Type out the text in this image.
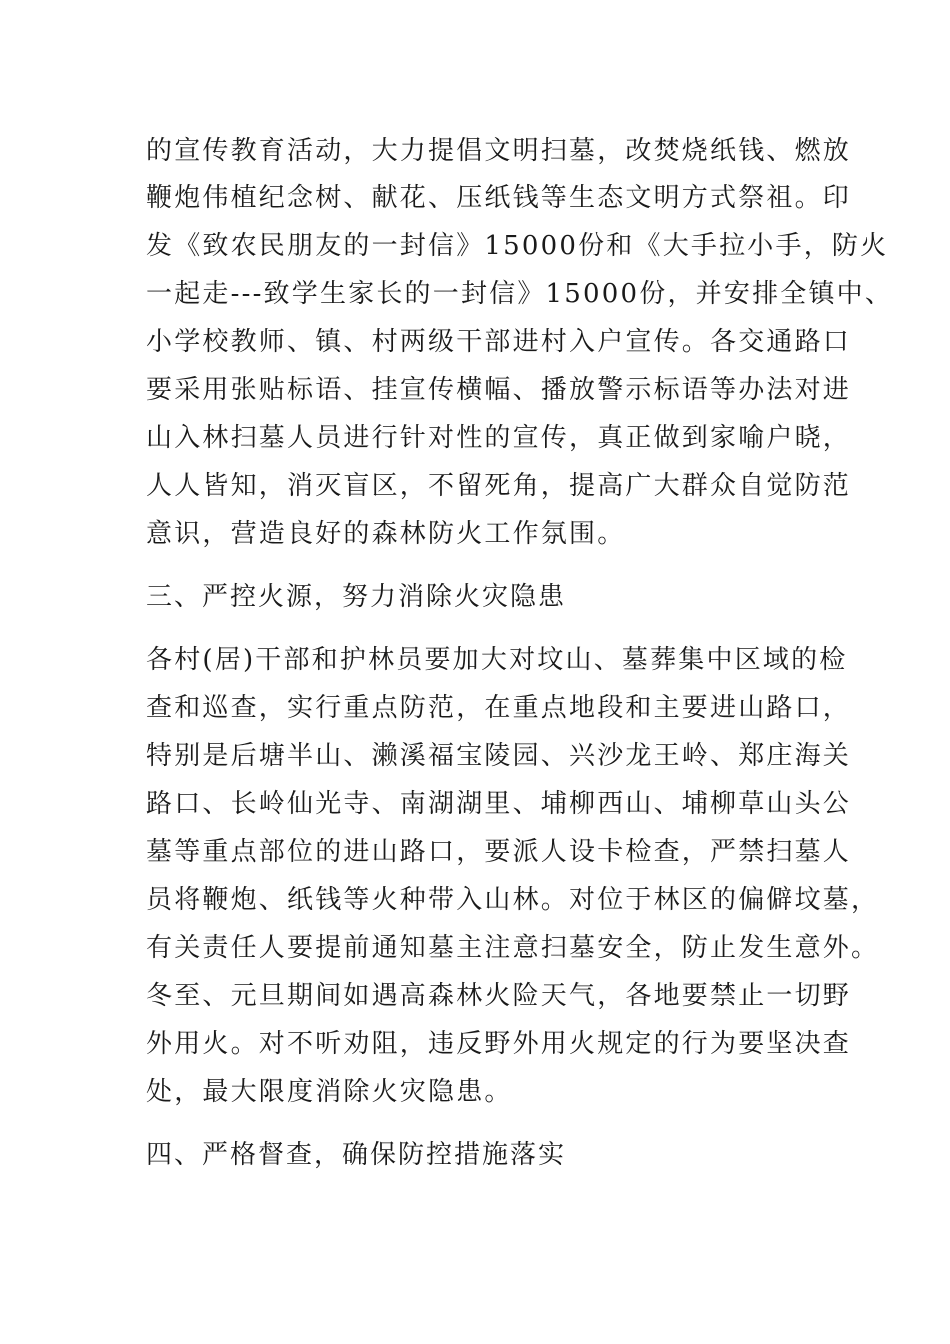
的宣传教育活动，大力提倡文明扫墓，改焚烧纸钱、燃放
鞭炮伟植纪念树、献花、压纸钱等生态文明方式祭祖。印
发《致农民朋友的一封信》15000份和《大手拉小手，防火
一起走---致学生家长的一封信》15000份，并安排全镇中、
小学校教师、镇、村两级干部进村入户宣传。各交通路口
要采用张贴标语、挂宣传横幅、播放警示标语等办法对进
山入林扫墓人员进行针对性的宣传，真正做到家喻户晓，
人人皆知，消灭盲区，不留死角，提高广大群众自觉防范
意识，营造良好的森林防火工作氛围。
三、严控火源，努力消除火灾隐患
各村(居)干部和护林员要加大对坟山、墓葬集中区域的检
查和巡查，实行重点防范，在重点地段和主要进山路口，
特别是后塘半山、濑溪福宝陵园、兴沙龙王岭、郑庄海关
路口、长岭仙光寺、南湖湖里、埔柳西山、埔柳草山头公
墓等重点部位的进山路口，要派人设卡检查，严禁扫墓人
员将鞭炮、纸钱等火种带入山林。对位于林区的偏僻坟墓，
有关责任人要提前通知墓主注意扫墓安全，防止发生意外。
冬至、元旦期间如遇高森林火险天气，各地要禁止一切野
外用火。对不听劝阻，违反野外用火规定的行为要坚决查
处，最大限度消除火灾隐患。
四、严格督查，确保防控措施落实
